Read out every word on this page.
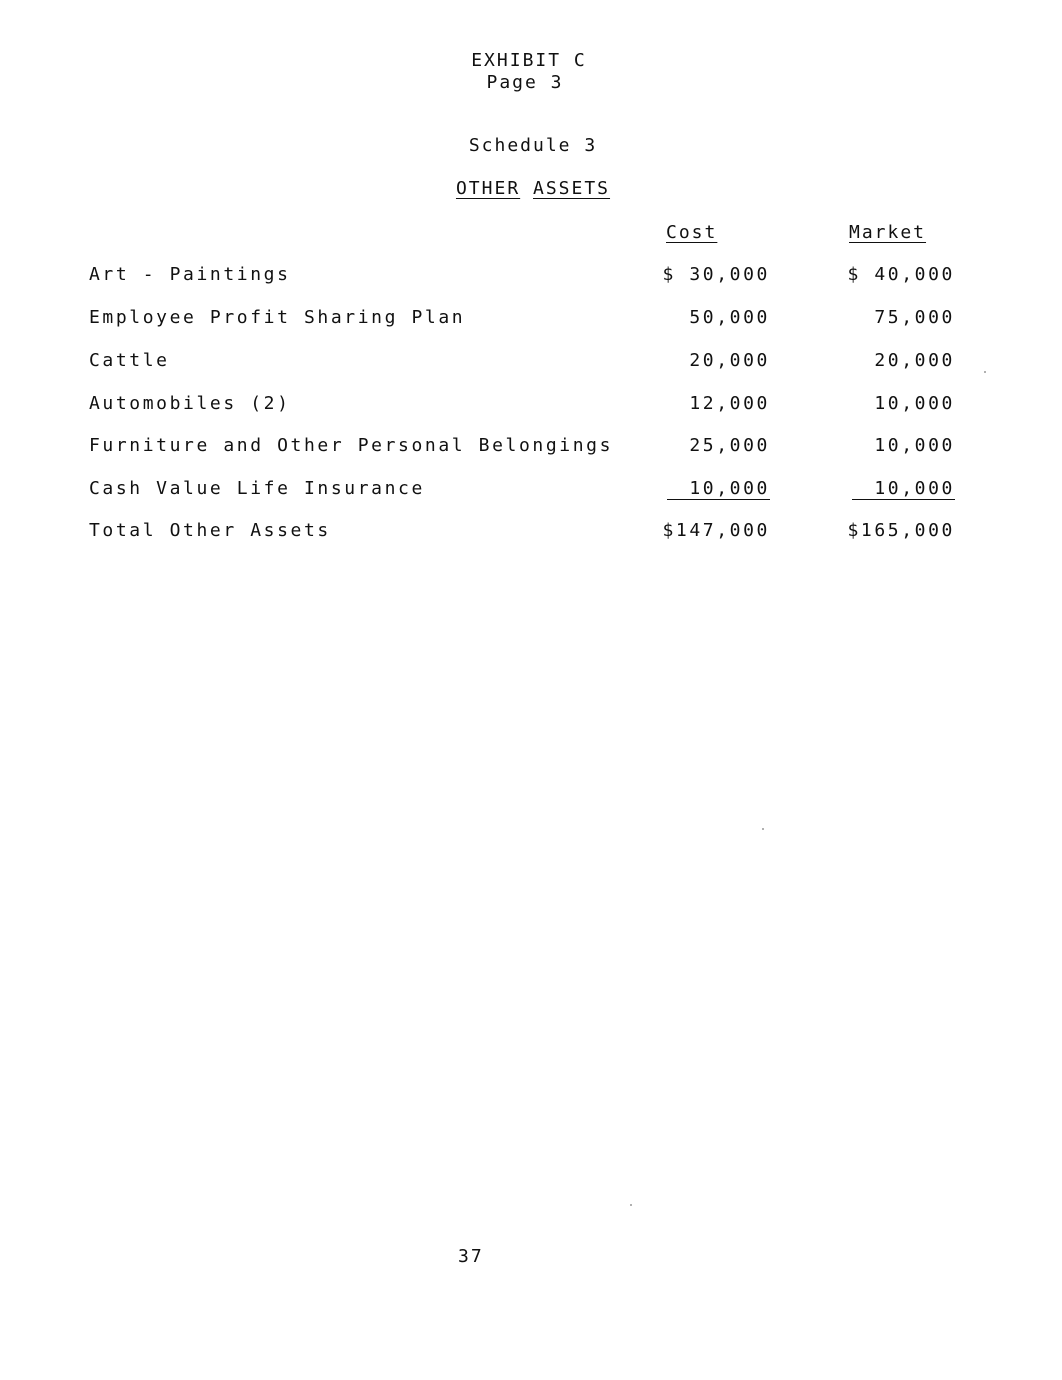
EXHIBIT C
Page 3
Schedule 3
OTHER ASSETS
Cost	Market
Art - Paintings	$ 30,000	$ 40,000
Employee Profit Sharing Plan	50,000	75,000
Cattle	20,000	20,000
Automobiles (2)	12,000	10,000
Furniture and Other Personal Belongings	25,000	10,000
Cash Value Life Insurance	10,000	10,000
Total Other Assets	$147,000	$165,000
37
